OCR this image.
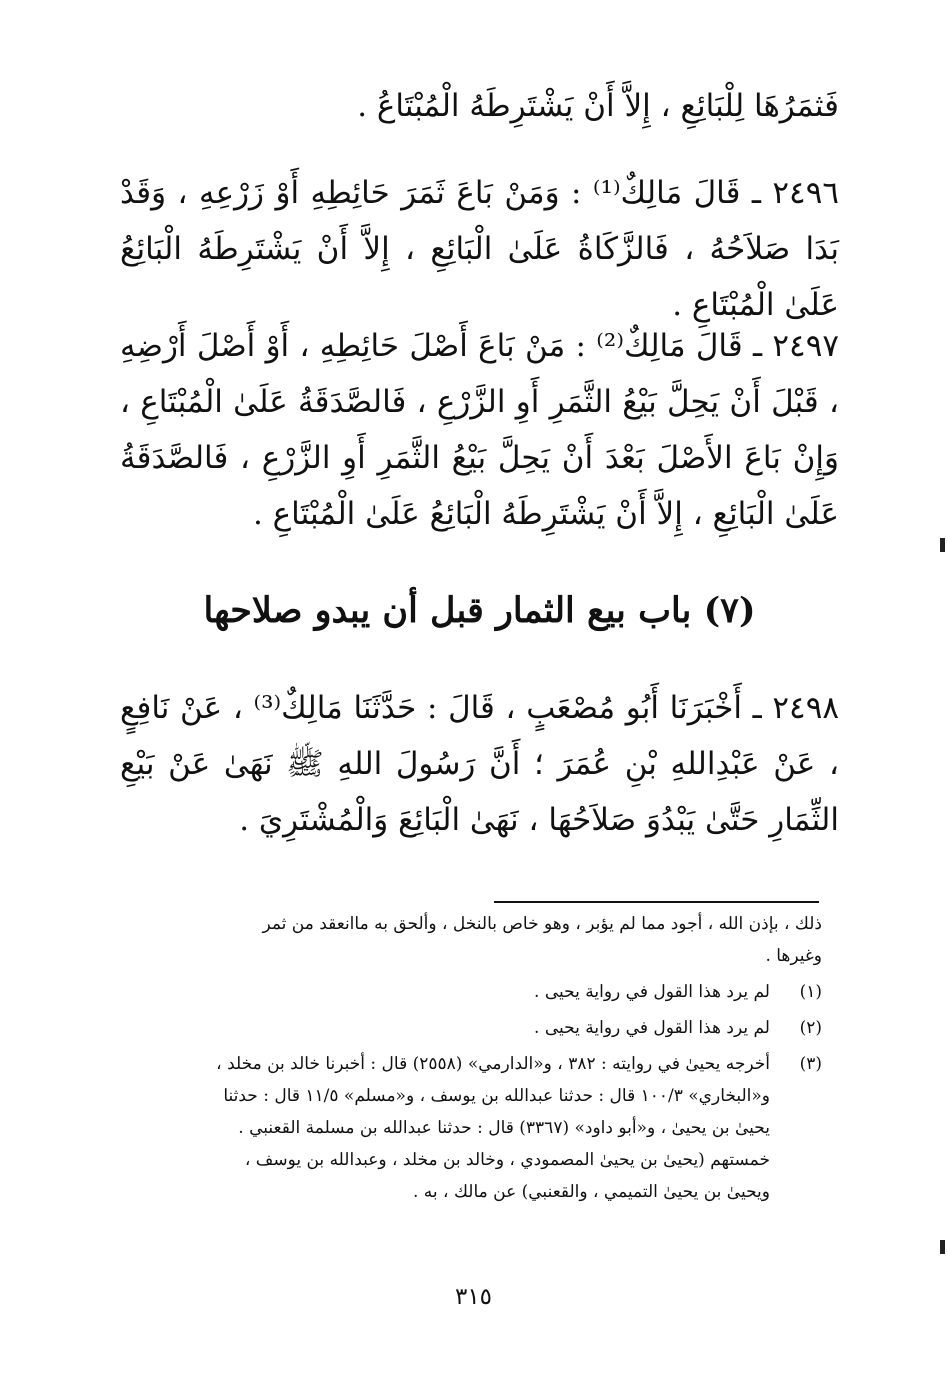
فَثمَرُهَا لِلْبَائِعِ ، إِلاَّ أَنْ يَشْتَرِطَهُ الْمُبْتَاعُ .
٢٤٩٦ ـ قَالَ مَالِكٌ⁽¹⁾ : وَمَنْ بَاعَ ثَمَرَ حَائِطِهِ أَوْ زَرْعِهِ ، وَقَدْ بَدَا صَلاَحُهُ ، فَالزَّكَاةُ عَلَىٰ الْبَائِعِ ، إِلاَّ أَنْ يَشْتَرِطَهُ الْبَائِعُ عَلَىٰ الْمُبْتَاعِ .
٢٤٩٧ ـ قَالَ مَالِكٌ⁽²⁾ : مَنْ بَاعَ أَصْلَ حَائِطِهِ ، أَوْ أَصْلَ أَرْضِهِ ، قَبْلَ أَنْ يَحِلَّ بَيْعُ الثَّمَرِ أَوِ الزَّرْعِ ، فَالصَّدَقَةُ عَلَىٰ الْمُبْتَاعِ ، وَإِنْ بَاعَ الأَصْلَ بَعْدَ أَنْ يَحِلَّ بَيْعُ الثَّمَرِ أَوِ الزَّرْعِ ، فَالصَّدَقَةُ عَلَىٰ الْبَائِعِ ، إِلاَّ أَنْ يَشْتَرِطَهُ الْبَائِعُ عَلَىٰ الْمُبْتَاعِ .
(٧) باب بيع الثمار قبل أن يبدو صلاحها
٢٤٩٨ ـ أَخْبَرَنَا أَبُو مُصْعَبٍ ، قَالَ : حَدَّثَنَا مَالِكٌ⁽³⁾ ، عَنْ نَافِعٍ ، عَنْ عَبْدِاللهِ بْنِ عُمَرَ ؛ أَنَّ رَسُولَ اللهِ ﷺ نَهَىٰ عَنْ بَيْعِ الثِّمَارِ حَتَّىٰ يَبْدُوَ صَلاَحُهَا ، نَهَىٰ الْبَائِعَ وَالْمُشْتَرِيَ .

ذلك ، بإذن الله ، أجود مما لم يؤبر ، وهو خاص بالنخل ، وألحق به ماانعقد من ثمر

وغيرها .

(١)

لم يرد هذا القول في رواية يحيى .

(٢)

لم يرد هذا القول في رواية يحيى .

(٣)

أخرجه يحيىٰ في روايته : ٣٨٢ ، و«الدارمي» (٢٥٥٨) قال : أخبرنا خالد بن مخلد ،

و«البخاري» ١٠٠/٣ قال : حدثنا عبدالله بن يوسف ، و«مسلم» ١١/٥ قال : حدثنا

يحيىٰ بن يحيىٰ ، و«أبو داود» (٣٣٦٧) قال : حدثنا عبدالله بن مسلمة القعنبي .

خمستهم (يحيىٰ بن يحيىٰ المصمودي ، وخالد بن مخلد ، وعبدالله بن يوسف ،

ويحيىٰ بن يحيىٰ التميمي ، والقعنبي) عن مالك ، به .

٣١٥
